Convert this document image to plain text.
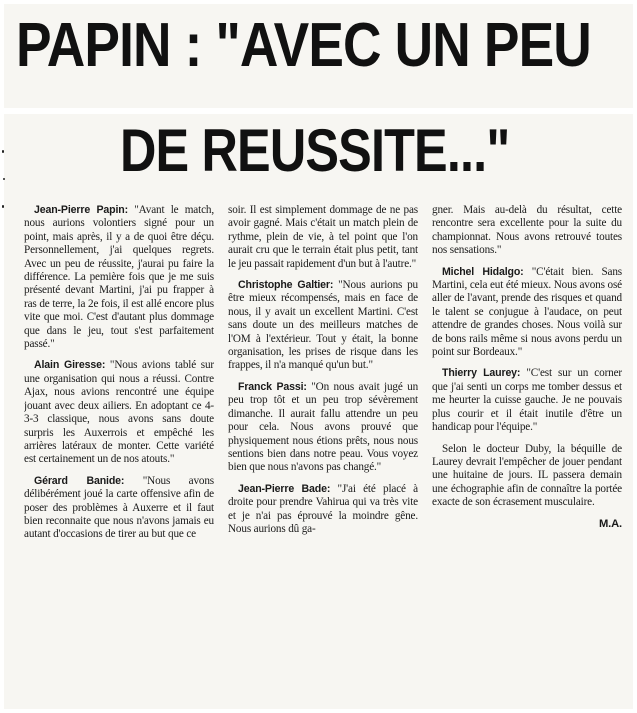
PAPIN : "AVEC UN PEU
DE REUSSITE..."

Jean-Pierre Papin: "Avant le match, nous aurions volontiers signé pour un point, mais après, il y a de quoi être déçu. Personnellement, j'ai quelques regrets. Avec un peu de réussite, j'aurai pu faire la différence. La pemière fois que je me suis présenté devant Martini, j'ai pu frapper à ras de terre, la 2e fois, il est allé encore plus vite que moi. C'est d'autant plus dommage que dans le jeu, tout s'est parfaitement passé."

Alain Giresse: "Nous avions tablé sur une organisation qui nous a réussi. Contre Ajax, nous avions rencontré une équipe jouant avec deux ailiers. En adoptant ce 4-3-3 classique, nous avons sans doute surpris les Auxerrois et empêché les arrières latéraux de monter. Cette variété est certainement un de nos atouts."

Gérard Banide: "Nous avons délibérément joué la carte offensive afin de poser des problèmes à Auxerre et il faut bien reconnaite que nous n'avons jamais eu autant d'occasions de tirer au but que ce

soir. Il est simplement dommage de ne pas avoir gagné. Mais c'était un match plein de rythme, plein de vie, à tel point que l'on aurait cru que le terrain était plus petit, tant le jeu passait rapidement d'un but à l'autre."

Christophe Galtier: "Nous aurions pu être mieux récompensés, mais en face de nous, il y avait un excellent Martini. C'est sans doute un des meilleurs matches de l'OM à l'extérieur. Tout y était, la bonne organisation, les prises de risque dans les frappes, il n'a manqué qu'un but."

Franck Passi: "On nous avait jugé un peu trop tôt et un peu trop sévèrement dimanche. Il aurait fallu attendre un peu pour cela. Nous avons prouvé que physiquement nous étions prêts, nous nous sentions bien dans notre peau. Vous voyez bien que nous n'avons pas changé."

Jean-Pierre Bade: "J'ai été placé à droite pour prendre Vahirua qui va très vite et je n'ai pas éprouvé la moindre gêne. Nous aurions dû ga-

gner. Mais au-delà du résultat, cette rencontre sera excellente pour la suite du championnat. Nous avons retrouvé toutes nos sensations."

Michel Hidalgo: "C'était bien. Sans Martini, cela eut été mieux. Nous avons osé aller de l'avant, prende des risques et quand le talent se conjugue à l'audace, on peut attendre de grandes choses. Nous voilà sur de bons rails même si nous avons perdu un point sur Bordeaux."

Thierry Laurey: "C'est sur un corner que j'ai senti un corps me tomber dessus et me heurter la cuisse gauche. Je ne pouvais plus courir et il était inutile d'être un handicap pour l'équipe."

Selon le docteur Duby, la béquille de Laurey devrait l'empêcher de jouer pendant une huitaine de jours. IL passera demain une échographie afin de connaître la portée exacte de son écrasement musculaire.

M.A.
